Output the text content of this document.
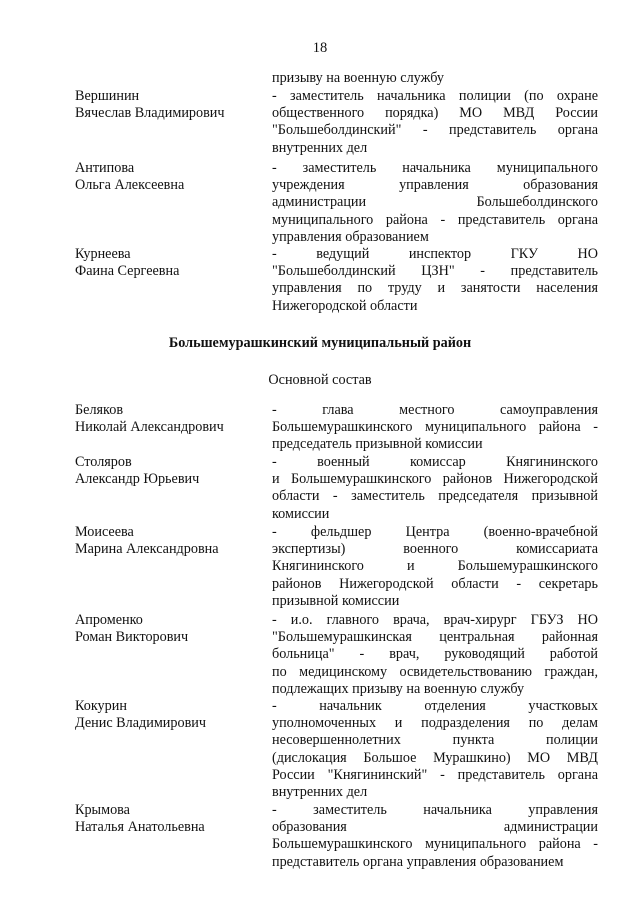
18
призыву на военную службу
Вершинин
Вячеслав Владимирович
- заместитель начальника полиции (по охране
общественного порядка) МО МВД России
"Большеболдинский" - представитель органа
внутренних дел
Антипова
Ольга Алексеевна
- заместитель начальника муниципального
учреждения управления образования
администрации Большеболдинского
муниципального района - представитель органа
управления образованием
Курнеева
Фаина Сергеевна
- ведущий инспектор ГКУ НО
"Большеболдинский ЦЗН" - представитель
управления по труду и занятости населения
Нижегородской области
Большемурашкинский муниципальный район
Основной состав
Беляков
Николай Александрович
- глава местного самоуправления
Большемурашкинского муниципального района -
председатель призывной комиссии
Столяров
Александр Юрьевич
- военный комиссар Княгининского
и Большемурашкинского районов Нижегородской
области - заместитель председателя призывной
комиссии
Моисеева
Марина Александровна
- фельдшер Центра (военно-врачебной
экспертизы) военного комиссариата
Княгининского и Большемурашкинского
районов Нижегородской области - секретарь
призывной комиссии
Апроменко
Роман Викторович
- и.о. главного врача, врач-хирург ГБУЗ НО
"Большемурашкинская центральная районная
больница" - врач, руководящий работой
по медицинскому освидетельствованию граждан,
подлежащих призыву на военную службу
Кокурин
Денис Владимирович
- начальник отделения участковых
уполномоченных и подразделения по делам
несовершеннолетних пункта полиции
(дислокация Большое Мурашкино) МО МВД
России "Княгининский" - представитель органа
внутренних дел
Крымова
Наталья Анатольевна
- заместитель начальника управления
образования администрации
Большемурашкинского муниципального района -
представитель органа управления образованием
